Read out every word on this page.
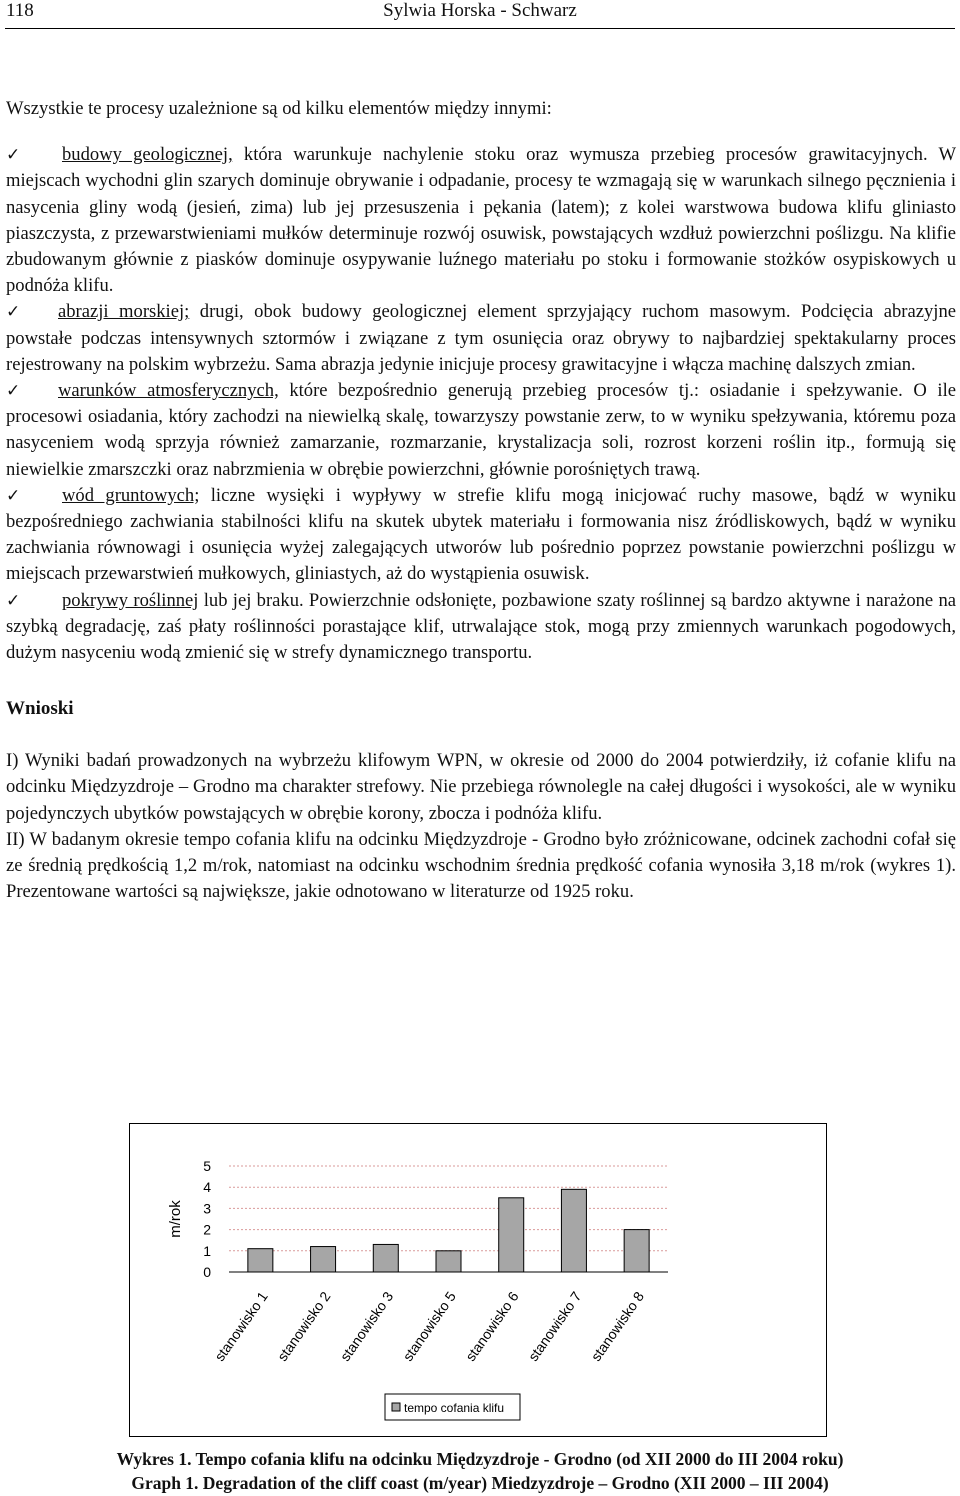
118	Sylwia Horska - Schwarz

Wszystkie te procesy uzależnione są od kilku elementów między innymi:

✓ budowy geologicznej, która warunkuje nachylenie stoku oraz wymusza przebieg procesów grawitacyjnych. W miejscach wychodni glin szarych dominuje obrywanie i odpadanie, procesy te wzmagają się w warunkach silnego pęcznienia i nasycenia gliny wodą (jesień, zima) lub jej przesuszenia i pękania (latem); z kolei warstwowa budowa klifu gliniasto piaszczysta, z przewarstwieniami mułków determinuje rozwój osuwisk, powstających wzdłuż powierzchni poślizgu. Na klifie zbudowanym głównie z piasków dominuje osypywanie luźnego materiału po stoku i formowanie stożków osypiskowych u podnóża klifu.

✓ abrazji morskiej; drugi, obok budowy geologicznej element sprzyjający ruchom masowym. Podcięcia abrazyjne powstałe podczas intensywnych sztormów i związane z tym osunięcia oraz obrywy to najbardziej spektakularny proces rejestrowany na polskim wybrzeżu. Sama abrazja jedynie inicjuje procesy grawitacyjne i włącza machinę dalszych zmian.

✓ warunków atmosferycznych, które bezpośrednio generują przebieg procesów tj.: osiadanie i spełzywanie. O ile procesowi osiadania, który zachodzi na niewielką skalę, towarzyszy powstanie zerw, to w wyniku spełzywania, któremu poza nasyceniem wodą sprzyja również zamarzanie, rozmarzanie, krystalizacja soli, rozrost korzeni roślin itp., formują się niewielkie zmarszczki oraz nabrzmienia w obrębie powierzchni, głównie porośniętych trawą.

✓ wód gruntowych; liczne wysięki i wypływy w strefie klifu mogą inicjować ruchy masowe, bądź w wyniku bezpośredniego zachwiania stabilności klifu na skutek ubytek materiału i formowania nisz źródliskowych, bądź w wyniku zachwiania równowagi i osunięcia wyżej zalegających utworów lub pośrednio poprzez powstanie powierzchni poślizgu w miejscach przewarstwień mułkowych, gliniastych, aż do wystąpienia osuwisk.

✓ pokrywy roślinnej lub jej braku. Powierzchnie odsłonięte, pozbawione szaty roślinnej są bardzo aktywne i narażone na szybką degradację, zaś płaty roślinności porastające klif, utrwalające stok, mogą przy zmiennych warunkach pogodowych, dużym nasyceniu wodą zmienić się w strefy dynamicznego transportu.

Wnioski

I) Wyniki badań prowadzonych na wybrzeżu klifowym WPN, w okresie od 2000 do 2004 potwierdziły, iż cofanie klifu na odcinku Międzyzdroje – Grodno ma charakter strefowy. Nie przebiega równolegle na całej długości i wysokości, ale w wyniku pojedynczych ubytków powstających w obrębie korony, zbocza i podnóża klifu.

II) W badanym okresie tempo cofania klifu na odcinku Międzyzdroje - Grodno było zróżnicowane, odcinek zachodni cofał się ze średnią prędkością 1,2 m/rok, natomiast na odcinku wschodnim średnia prędkość cofania wynosiła 3,18 m/rok (wykres 1). Prezentowane wartości są największe, jakie odnotowano w literaturze od 1925 roku.

m/rok
5
4
3
2
1
0
stanowisko 1 stanowisko 2 stanowisko 3 stanowisko 5 stanowisko 6 stanowisko 7 stanowisko 8
tempo cofania klifu
Wykres 1. Tempo cofania klifu na odcinku Międzyzdroje - Grodno (od XII 2000 do III 2004 roku)
Graph 1. Degradation of the cliff coast (m/year) Miedzyzdroje – Grodno (XII 2000 – III 2004)
